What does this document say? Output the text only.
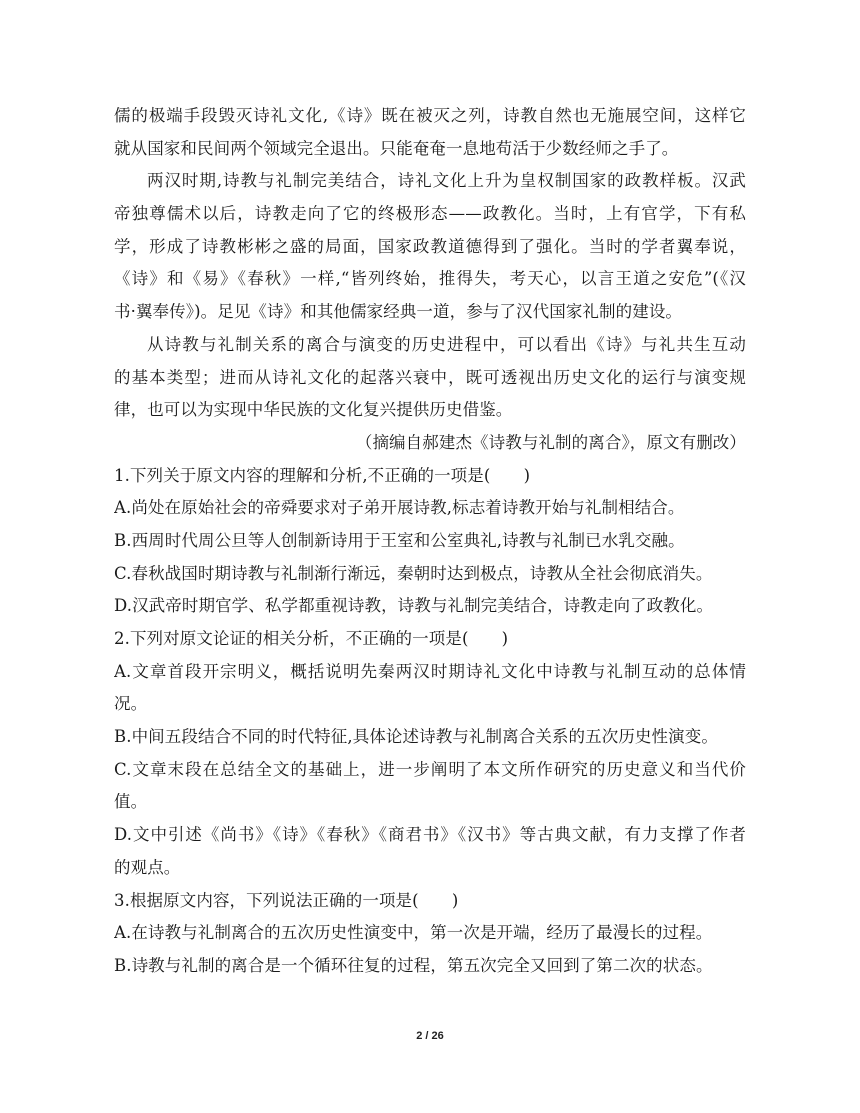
儒的极端手段毁灭诗礼文化,《诗》既在被灭之列，诗教自然也无施展空间，这样它
就从国家和民间两个领域完全退出。只能奄奄一息地苟活于少数经师之手了。
两汉时期,诗教与礼制完美结合，诗礼文化上升为皇权制国家的政教样板。汉武
帝独尊儒术以后，诗教走向了它的终极形态——政教化。当时，上有官学，下有私
学，形成了诗教彬彬之盛的局面，国家政教道德得到了强化。当时的学者翼奉说，
《诗》和《易》《春秋》一样,“皆列终始，推得失，考天心，以言王道之安危”(《汉
书·翼奉传》)。足见《诗》和其他儒家经典一道，参与了汉代国家礼制的建设。
从诗教与礼制关系的离合与演变的历史进程中，可以看出《诗》与礼共生互动
的基本类型；进而从诗礼文化的起落兴衰中，既可透视出历史文化的运行与演变规
律，也可以为实现中华民族的文化复兴提供历史借鉴。
（摘编自郝建杰《诗教与礼制的离合》，原文有删改）
1.下列关于原文内容的理解和分析,不正确的一项是(　　)
A.尚处在原始社会的帝舜要求对子弟开展诗教,标志着诗教开始与礼制相结合。
B.西周时代周公旦等人创制新诗用于王室和公室典礼,诗教与礼制已水乳交融。
C.春秋战国时期诗教与礼制渐行渐远，秦朝时达到极点，诗教从全社会彻底消失。
D.汉武帝时期官学、私学都重视诗教，诗教与礼制完美结合，诗教走向了政教化。
2.下列对原文论证的相关分析，不正确的一项是(　　)
A.文章首段开宗明义，概括说明先秦两汉时期诗礼文化中诗教与礼制互动的总体情
况。
B.中间五段结合不同的时代特征,具体论述诗教与礼制离合关系的五次历史性演变。
C.文章末段在总结全文的基础上，进一步阐明了本文所作研究的历史意义和当代价
值。
D.文中引述《尚书》《诗》《春秋》《商君书》《汉书》等古典文献，有力支撑了作者
的观点。
3.根据原文内容，下列说法正确的一项是(　　)
A.在诗教与礼制离合的五次历史性演变中，第一次是开端，经历了最漫长的过程。
B.诗教与礼制的离合是一个循环往复的过程，第五次完全又回到了第二次的状态。
2 / 26
